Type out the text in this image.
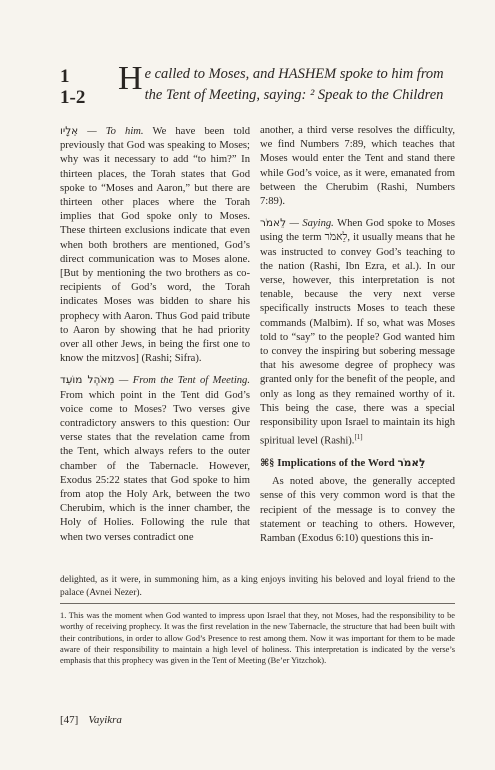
1
1-2
H e called to Moses, and HASHEM spoke to him from
the Tent of Meeting, saying: ² Speak to the Children

אֵלָיו — To him. We have been told previously that God was speaking to Moses; why was it necessary to add “to him?” In thirteen places, the Torah states that God spoke to “Moses and Aaron,” but there are thirteen other places where the Torah implies that God spoke only to Moses. These thirteen exclusions indicate that even when both brothers are mentioned, God’s direct communication was to Moses alone. [But by mentioning the two brothers as co-recipients of God’s word, the Torah indicates Moses was bidden to share his prophecy with Aaron. Thus God paid tribute to Aaron by showing that he had priority over all other Jews, in being the first one to know the mitzvos] (Rashi; Sifra).

מֵאֹהֶל מוֹעֵד — From the Tent of Meeting. From which point in the Tent did God’s voice come to Moses? Two verses give contradictory answers to this question: Our verse states that the revelation came from the Tent, which always refers to the outer chamber of the Tabernacle. However, Exodus 25:22 states that God spoke to him from atop the Holy Ark, between the two Cherubim, which is the inner chamber, the Holy of Holies. Following the rule that when two verses contradict one

another, a third verse resolves the difficulty, we find Numbers 7:89, which teaches that Moses would enter the Tent and stand there while God’s voice, as it were, emanated from between the Cherubim (Rashi, Numbers 7:89).

לֵאמֹר — Saying. When God spoke to Moses using the term לֵאמֹר, it usually means that he was instructed to convey God’s teaching to the nation (Rashi, Ibn Ezra, et al.). In our verse, however, this interpretation is not tenable, because the very next verse specifically instructs Moses to teach these commands (Malbim). If so, what was Moses told to “say” to the people? God wanted him to convey the inspiring but sobering message that his awesome degree of prophecy was granted only for the benefit of the people, and only as long as they remained worthy of it. This being the case, there was a special responsibility upon Israel to maintain its high spiritual level (Rashi).[1]

⌘§ Implications of the Word לֵאמֹר

As noted above, the generally accepted sense of this very common word is that the recipient of the message is to convey the statement or teaching to others. However, Ramban (Exodus 6:10) questions this in-

delighted, as it were, in summoning him, as a king enjoys inviting his beloved and loyal friend to the palace (Avnei Nezer).
1. This was the moment when God wanted to impress upon Israel that they, not Moses, had the responsibility to be worthy of receiving prophecy. It was the first revelation in the new Tabernacle, the structure that had been built with their contributions, in order to allow God’s Presence to rest among them. Now it was important for them to be made aware of their responsibility to maintain a high level of holiness. This interpretation is indicated by the verse’s emphasis that this prophecy was given in the Tent of Meeting (Be’er Yitzchok).
[47] Vayikra
